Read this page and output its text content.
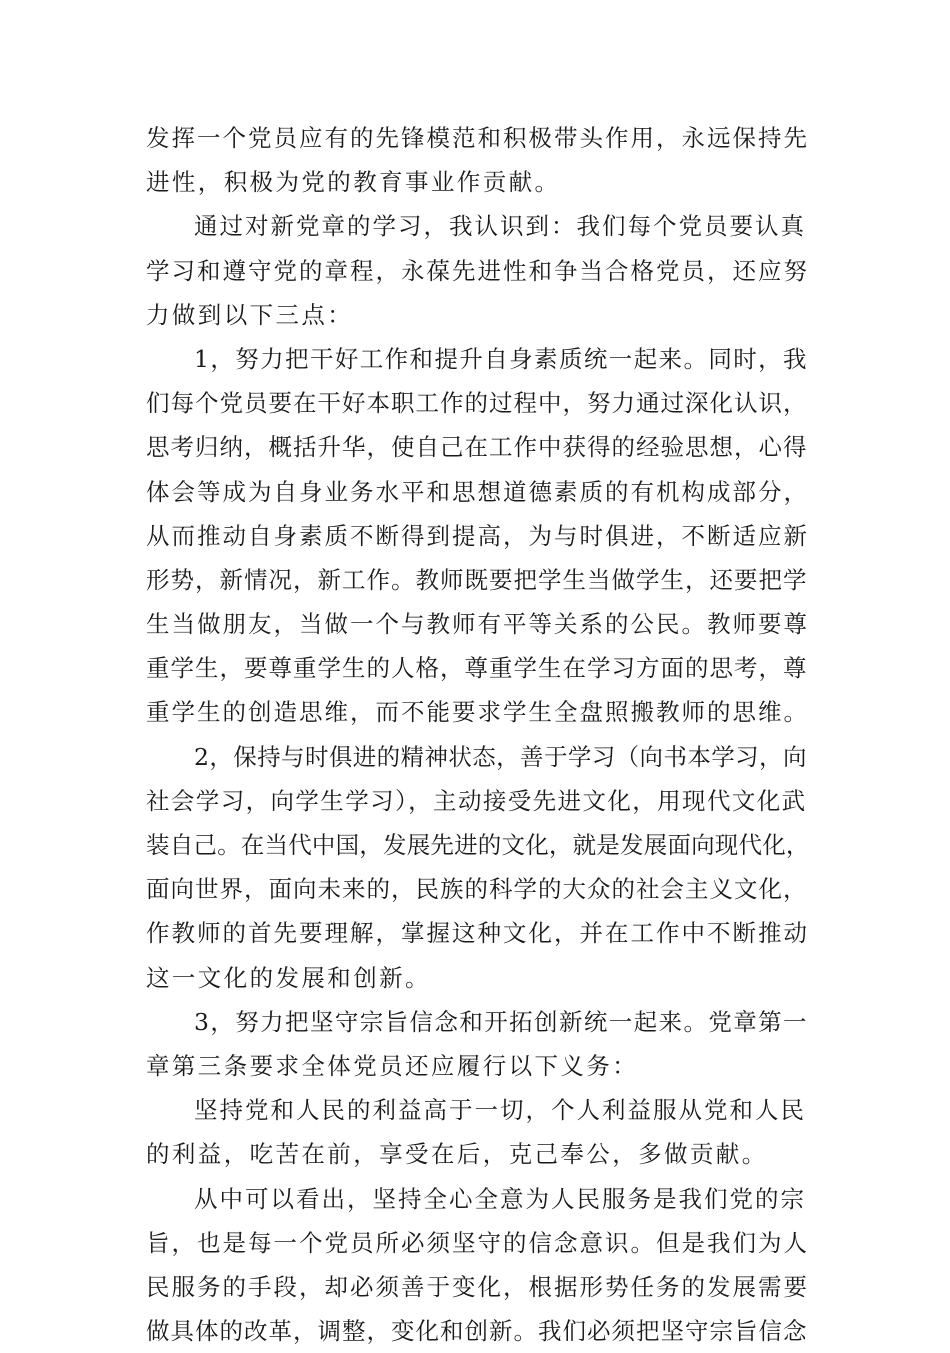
发挥一个党员应有的先锋模范和积极带头作用，永远保持先
进性，积极为党的教育事业作贡献。
通过对新党章的学习，我认识到：我们每个党员要认真
学习和遵守党的章程，永葆先进性和争当合格党员，还应努
力做到以下三点：
1，努力把干好工作和提升自身素质统一起来。同时，我
们每个党员要在干好本职工作的过程中，努力通过深化认识，
思考归纳，概括升华，使自己在工作中获得的经验思想，心得
体会等成为自身业务水平和思想道德素质的有机构成部分，
从而推动自身素质不断得到提高，为与时俱进，不断适应新
形势，新情况，新工作。教师既要把学生当做学生，还要把学
生当做朋友，当做一个与教师有平等关系的公民。教师要尊
重学生，要尊重学生的人格，尊重学生在学习方面的思考，尊
重学生的创造思维，而不能要求学生全盘照搬教师的思维。
2，保持与时俱进的精神状态，善于学习（向书本学习，向
社会学习，向学生学习），主动接受先进文化，用现代文化武
装自己。在当代中国，发展先进的文化，就是发展面向现代化，
面向世界，面向未来的，民族的科学的大众的社会主义文化，
作教师的首先要理解，掌握这种文化，并在工作中不断推动
这一文化的发展和创新。
3，努力把坚守宗旨信念和开拓创新统一起来。党章第一
章第三条要求全体党员还应履行以下义务：
坚持党和人民的利益高于一切，个人利益服从党和人民
的利益，吃苦在前，享受在后，克己奉公，多做贡献。
从中可以看出，坚持全心全意为人民服务是我们党的宗
旨，也是每一个党员所必须坚守的信念意识。但是我们为人
民服务的手段，却必须善于变化，根据形势任务的发展需要
做具体的改革，调整，变化和创新。我们必须把坚守宗旨信念
